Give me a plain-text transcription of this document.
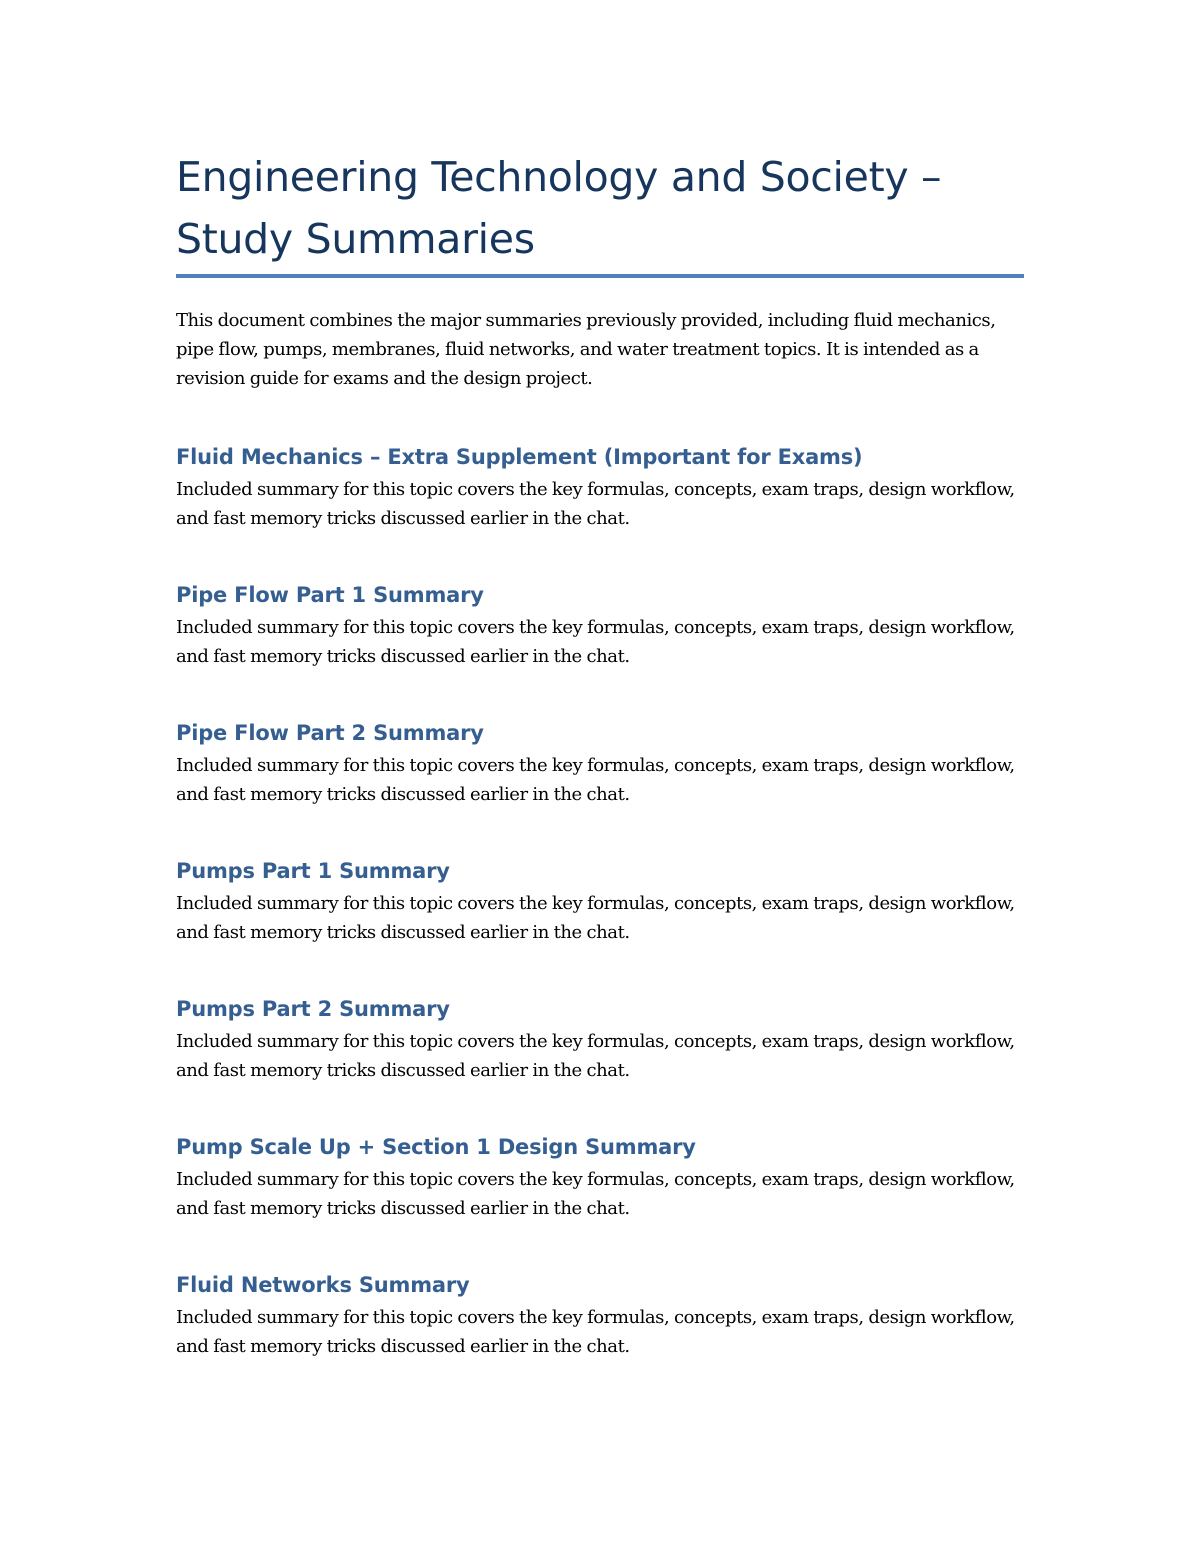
Engineering Technology and Society –
Study Summaries

This document combines the major summaries previously provided, including fluid mechanics, pipe flow, pumps, membranes, fluid networks, and water treatment topics. It is intended as a revision guide for exams and the design project.

Fluid Mechanics – Extra Supplement (Important for Exams)

Included summary for this topic covers the key formulas, concepts, exam traps, design workflow, and fast memory tricks discussed earlier in the chat.

Pipe Flow Part 1 Summary

Included summary for this topic covers the key formulas, concepts, exam traps, design workflow, and fast memory tricks discussed earlier in the chat.

Pipe Flow Part 2 Summary

Included summary for this topic covers the key formulas, concepts, exam traps, design workflow, and fast memory tricks discussed earlier in the chat.

Pumps Part 1 Summary

Included summary for this topic covers the key formulas, concepts, exam traps, design workflow, and fast memory tricks discussed earlier in the chat.

Pumps Part 2 Summary

Included summary for this topic covers the key formulas, concepts, exam traps, design workflow, and fast memory tricks discussed earlier in the chat.

Pump Scale Up + Section 1 Design Summary

Included summary for this topic covers the key formulas, concepts, exam traps, design workflow, and fast memory tricks discussed earlier in the chat.

Fluid Networks Summary

Included summary for this topic covers the key formulas, concepts, exam traps, design workflow, and fast memory tricks discussed earlier in the chat.
